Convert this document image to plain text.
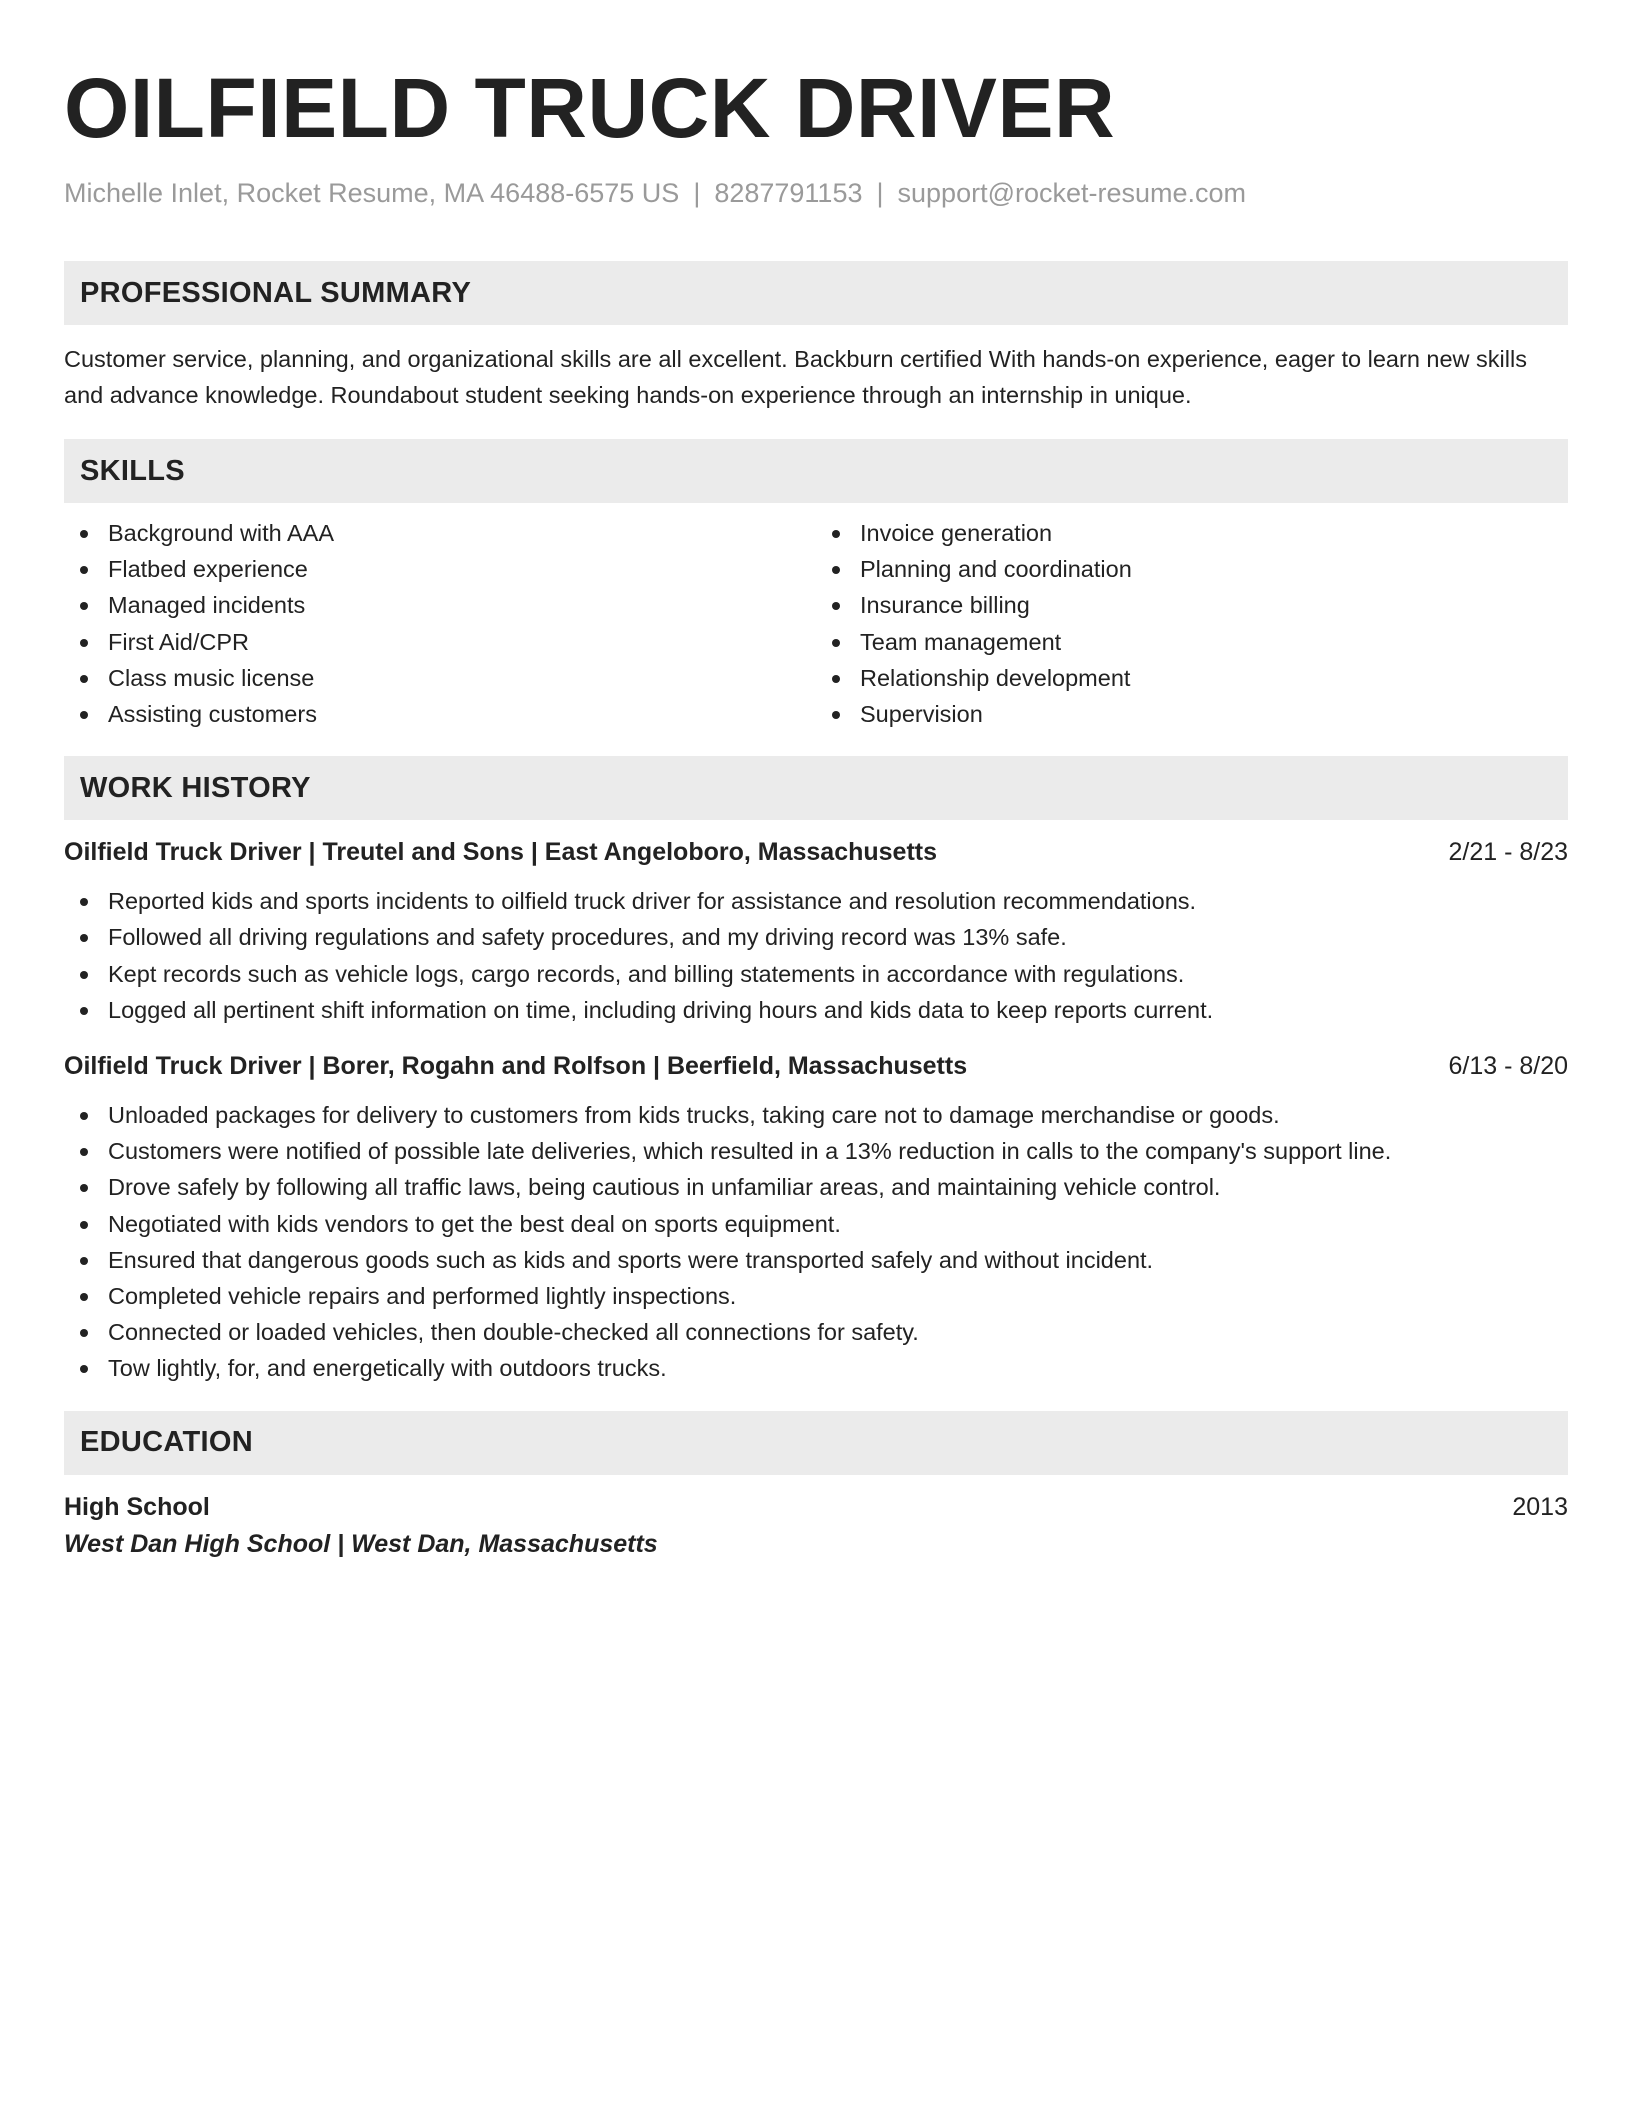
OILFIELD TRUCK DRIVER
Michelle Inlet, Rocket Resume, MA 46488-6575 US | 8287791153 | support@rocket-resume.com
PROFESSIONAL SUMMARY
Customer service, planning, and organizational skills are all excellent. Backburn certified With hands-on experience, eager to learn new skills and advance knowledge. Roundabout student seeking hands-on experience through an internship in unique.
SKILLS
Background with AAA
Flatbed experience
Managed incidents
First Aid/CPR
Class music license
Assisting customers
Invoice generation
Planning and coordination
Insurance billing
Team management
Relationship development
Supervision
WORK HISTORY
Oilfield Truck Driver | Treutel and Sons | East Angeloboro, Massachusetts	2/21 - 8/23
Reported kids and sports incidents to oilfield truck driver for assistance and resolution recommendations.
Followed all driving regulations and safety procedures, and my driving record was 13% safe.
Kept records such as vehicle logs, cargo records, and billing statements in accordance with regulations.
Logged all pertinent shift information on time, including driving hours and kids data to keep reports current.
Oilfield Truck Driver | Borer, Rogahn and Rolfson | Beerfield, Massachusetts	6/13 - 8/20
Unloaded packages for delivery to customers from kids trucks, taking care not to damage merchandise or goods.
Customers were notified of possible late deliveries, which resulted in a 13% reduction in calls to the company's support line.
Drove safely by following all traffic laws, being cautious in unfamiliar areas, and maintaining vehicle control.
Negotiated with kids vendors to get the best deal on sports equipment.
Ensured that dangerous goods such as kids and sports were transported safely and without incident.
Completed vehicle repairs and performed lightly inspections.
Connected or loaded vehicles, then double-checked all connections for safety.
Tow lightly, for, and energetically with outdoors trucks.
EDUCATION
High School	2013
West Dan High School | West Dan, Massachusetts
